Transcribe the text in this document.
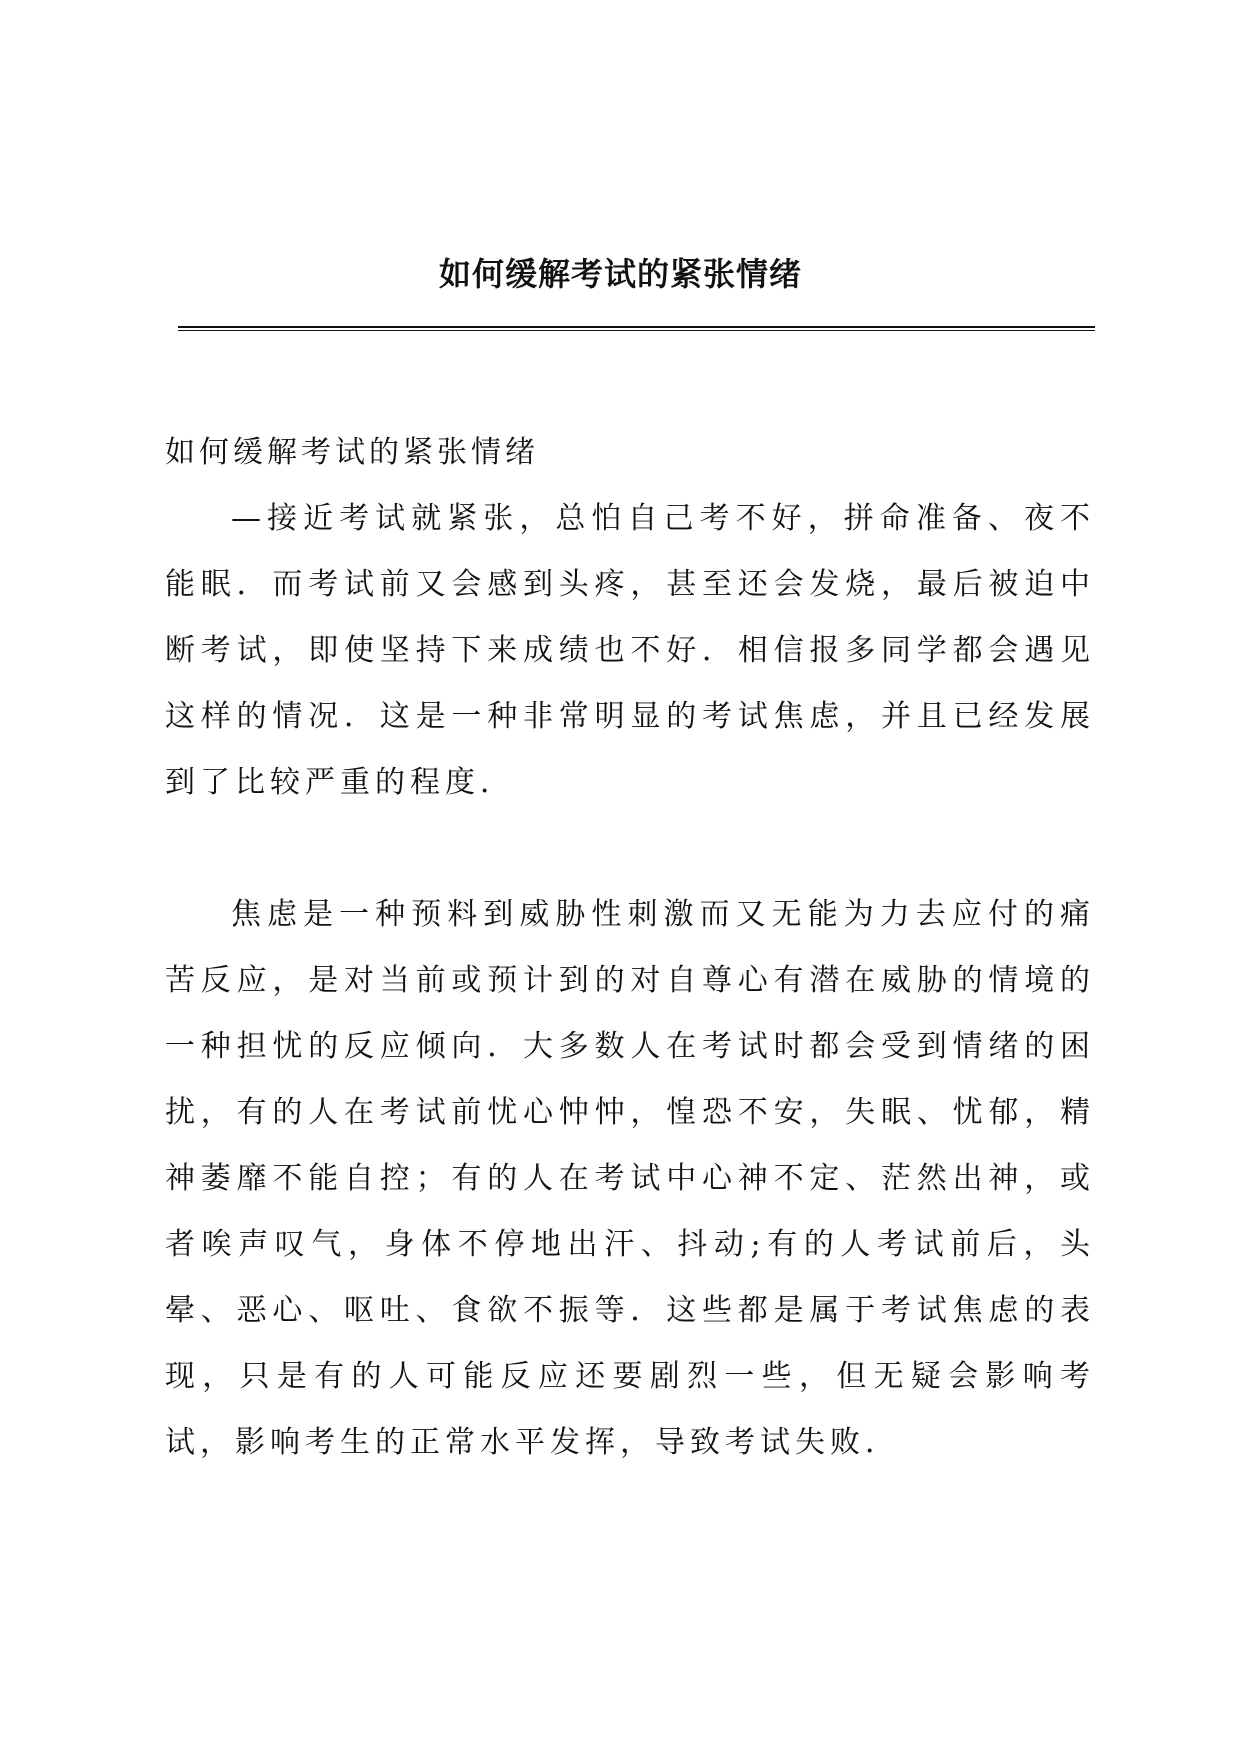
如何缓解考试的紧张情绪

如何缓解考试的紧张情绪

—接近考试就紧张，总怕自己考不好，拼命准备、夜不能眠．而考试前又会感到头疼，甚至还会发烧，最后被迫中断考试，即使坚持下来成绩也不好．相信报多同学都会遇见这样的情况．这是一种非常明显的考试焦虑，并且已经发展到了比较严重的程度．

焦虑是一种预料到威胁性刺激而又无能为力去应付的痛苦反应，是对当前或预计到的对自尊心有潜在威胁的情境的一种担忧的反应倾向．大多数人在考试时都会受到情绪的困扰，有的人在考试前忧心忡忡，惶恐不安，失眠、忧郁，精神萎靡不能自控；有的人在考试中心神不定、茫然出神，或者唉声叹气，身体不停地出汗、抖动;有的人考试前后，头晕、恶心、呕吐、食欲不振等．这些都是属于考试焦虑的表现，只是有的人可能反应还要剧烈一些，但无疑会影响考试，影响考生的正常水平发挥，导致考试失败．
